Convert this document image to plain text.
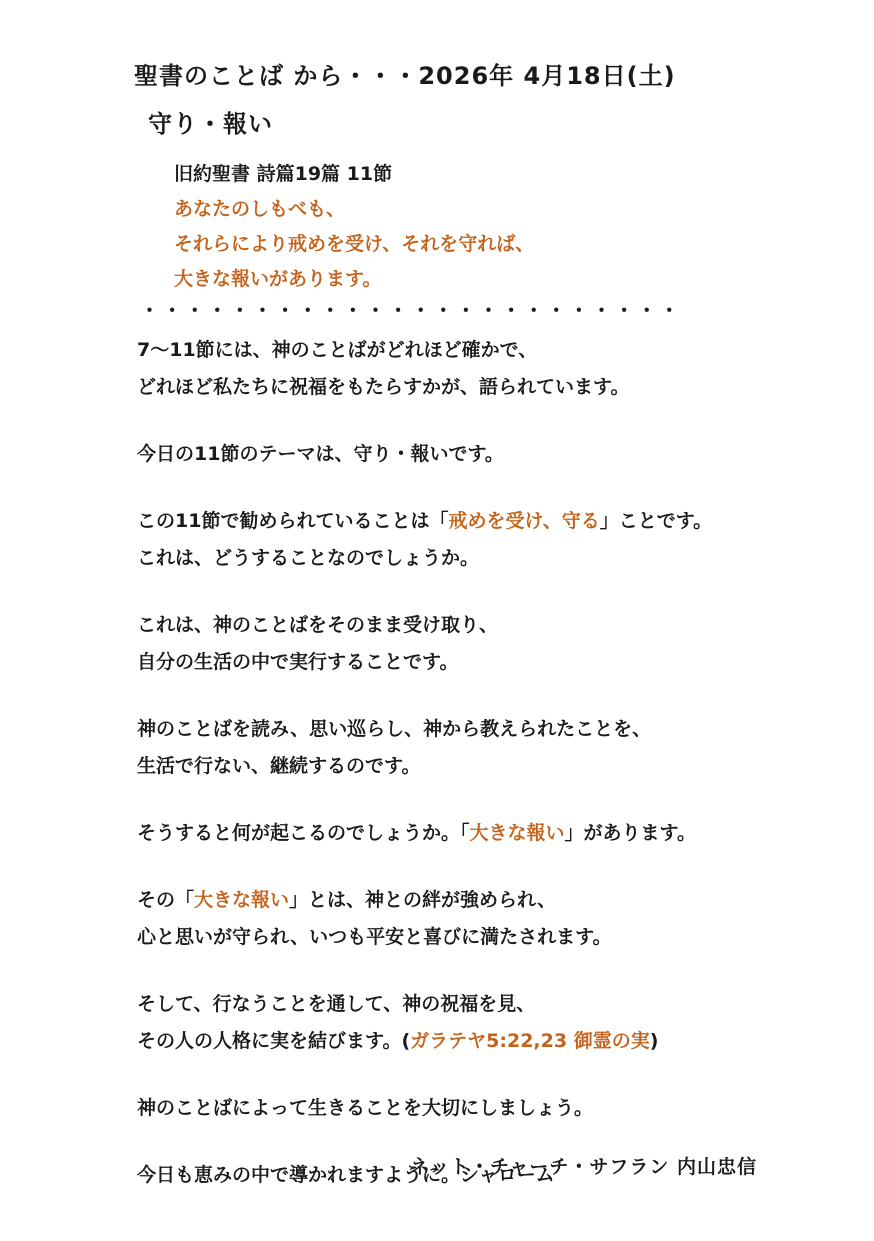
聖書のことば から・・・2026年 4月18日(土)
守り・報い
旧約聖書 詩篇19篇 11節
あなたのしもべも、
それらにより戒めを受け、それを守れば、
大きな報いがあります。
・・・・・・・・・・・・・・・・・・・・・・・・
7〜11節には、神のことばがどれほど確かで、
どれほど私たちに祝福をもたらすかが、語られています。
今日の11節のテーマは、守り・報いです。
この11節で勧められていることは「戒めを受け、守る」ことです。
これは、どうすることなのでしょうか。
これは、神のことばをそのまま受け取り、
自分の生活の中で実行することです。
神のことばを読み、思い巡らし、神から教えられたことを、
生活で行ない、継続するのです。
そうすると何が起こるのでしょうか。「大きな報い」があります。
その「大きな報い」とは、神との絆が強められ、
心と思いが守られ、いつも平安と喜びに満たされます。
そして、行なうことを通して、神の祝福を見、
その人の人格に実を結びます。(ガラテヤ5:22,23 御霊の実)
神のことばによって生きることを大切にしましょう。
今日も恵みの中で導かれますように。シャローム
ネット・チャーチ・サフラン 内山忠信
